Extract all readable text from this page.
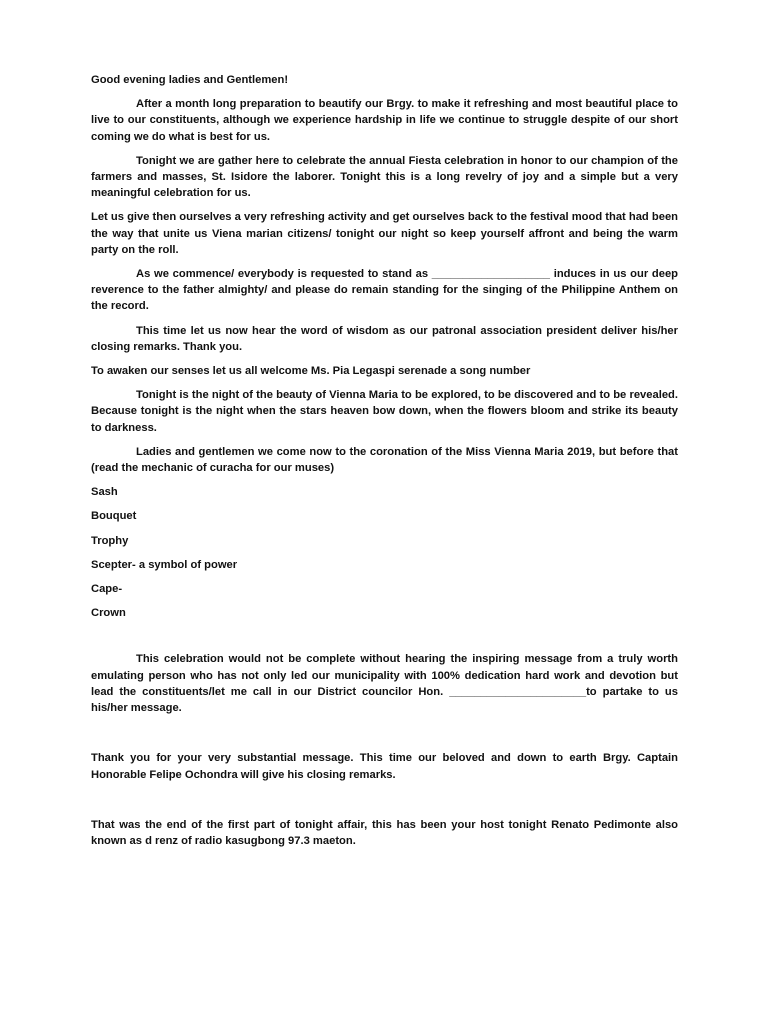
Good evening ladies and Gentlemen!

After a month long preparation to beautify our Brgy. to make it refreshing and most beautiful place to live to our constituents, although we experience hardship in life we continue to struggle despite of our short coming we do what is best for us.

Tonight we are gather here to celebrate the annual Fiesta celebration in honor to our champion of the farmers and masses, St. Isidore the laborer. Tonight this is a long revelry of joy and a simple but a very meaningful celebration for us.

Let us give then ourselves a very refreshing activity and get ourselves back to the festival mood that had been the way that unite us Viena marian citizens/ tonight our night so keep yourself affront and being the warm party on the roll.

As we commence/ everybody is requested to stand as ___________________ induces in us our deep reverence to the father almighty/ and please do remain standing for the singing of the Philippine Anthem on the record.

This time let us now hear the word of wisdom as our patronal association president deliver his/her closing remarks. Thank you.

To awaken our senses let us all welcome Ms. Pia Legaspi serenade a song number

Tonight is the night of the beauty of Vienna Maria to be explored, to be discovered and to be revealed. Because tonight is the night when the stars heaven bow down, when the flowers bloom and strike its beauty to darkness.

Ladies and gentlemen we come now to the coronation of the Miss Vienna Maria 2019, but before that (read the mechanic of curacha for our muses)

Sash

Bouquet

Trophy

Scepter- a symbol of power

Cape-

Crown

This celebration would not be complete without hearing the inspiring message from a truly worth emulating person who has not only led our municipality with 100% dedication hard work and devotion but lead the constituents/let me call in our District councilor Hon. ______________________to partake to us his/her message.

Thank you for your very substantial message. This time our beloved and down to earth Brgy. Captain Honorable Felipe Ochondra will give his closing remarks.

That was the end of the first part of tonight affair, this has been your host tonight Renato Pedimonte also known as d renz of radio kasugbong 97.3 maeton.
